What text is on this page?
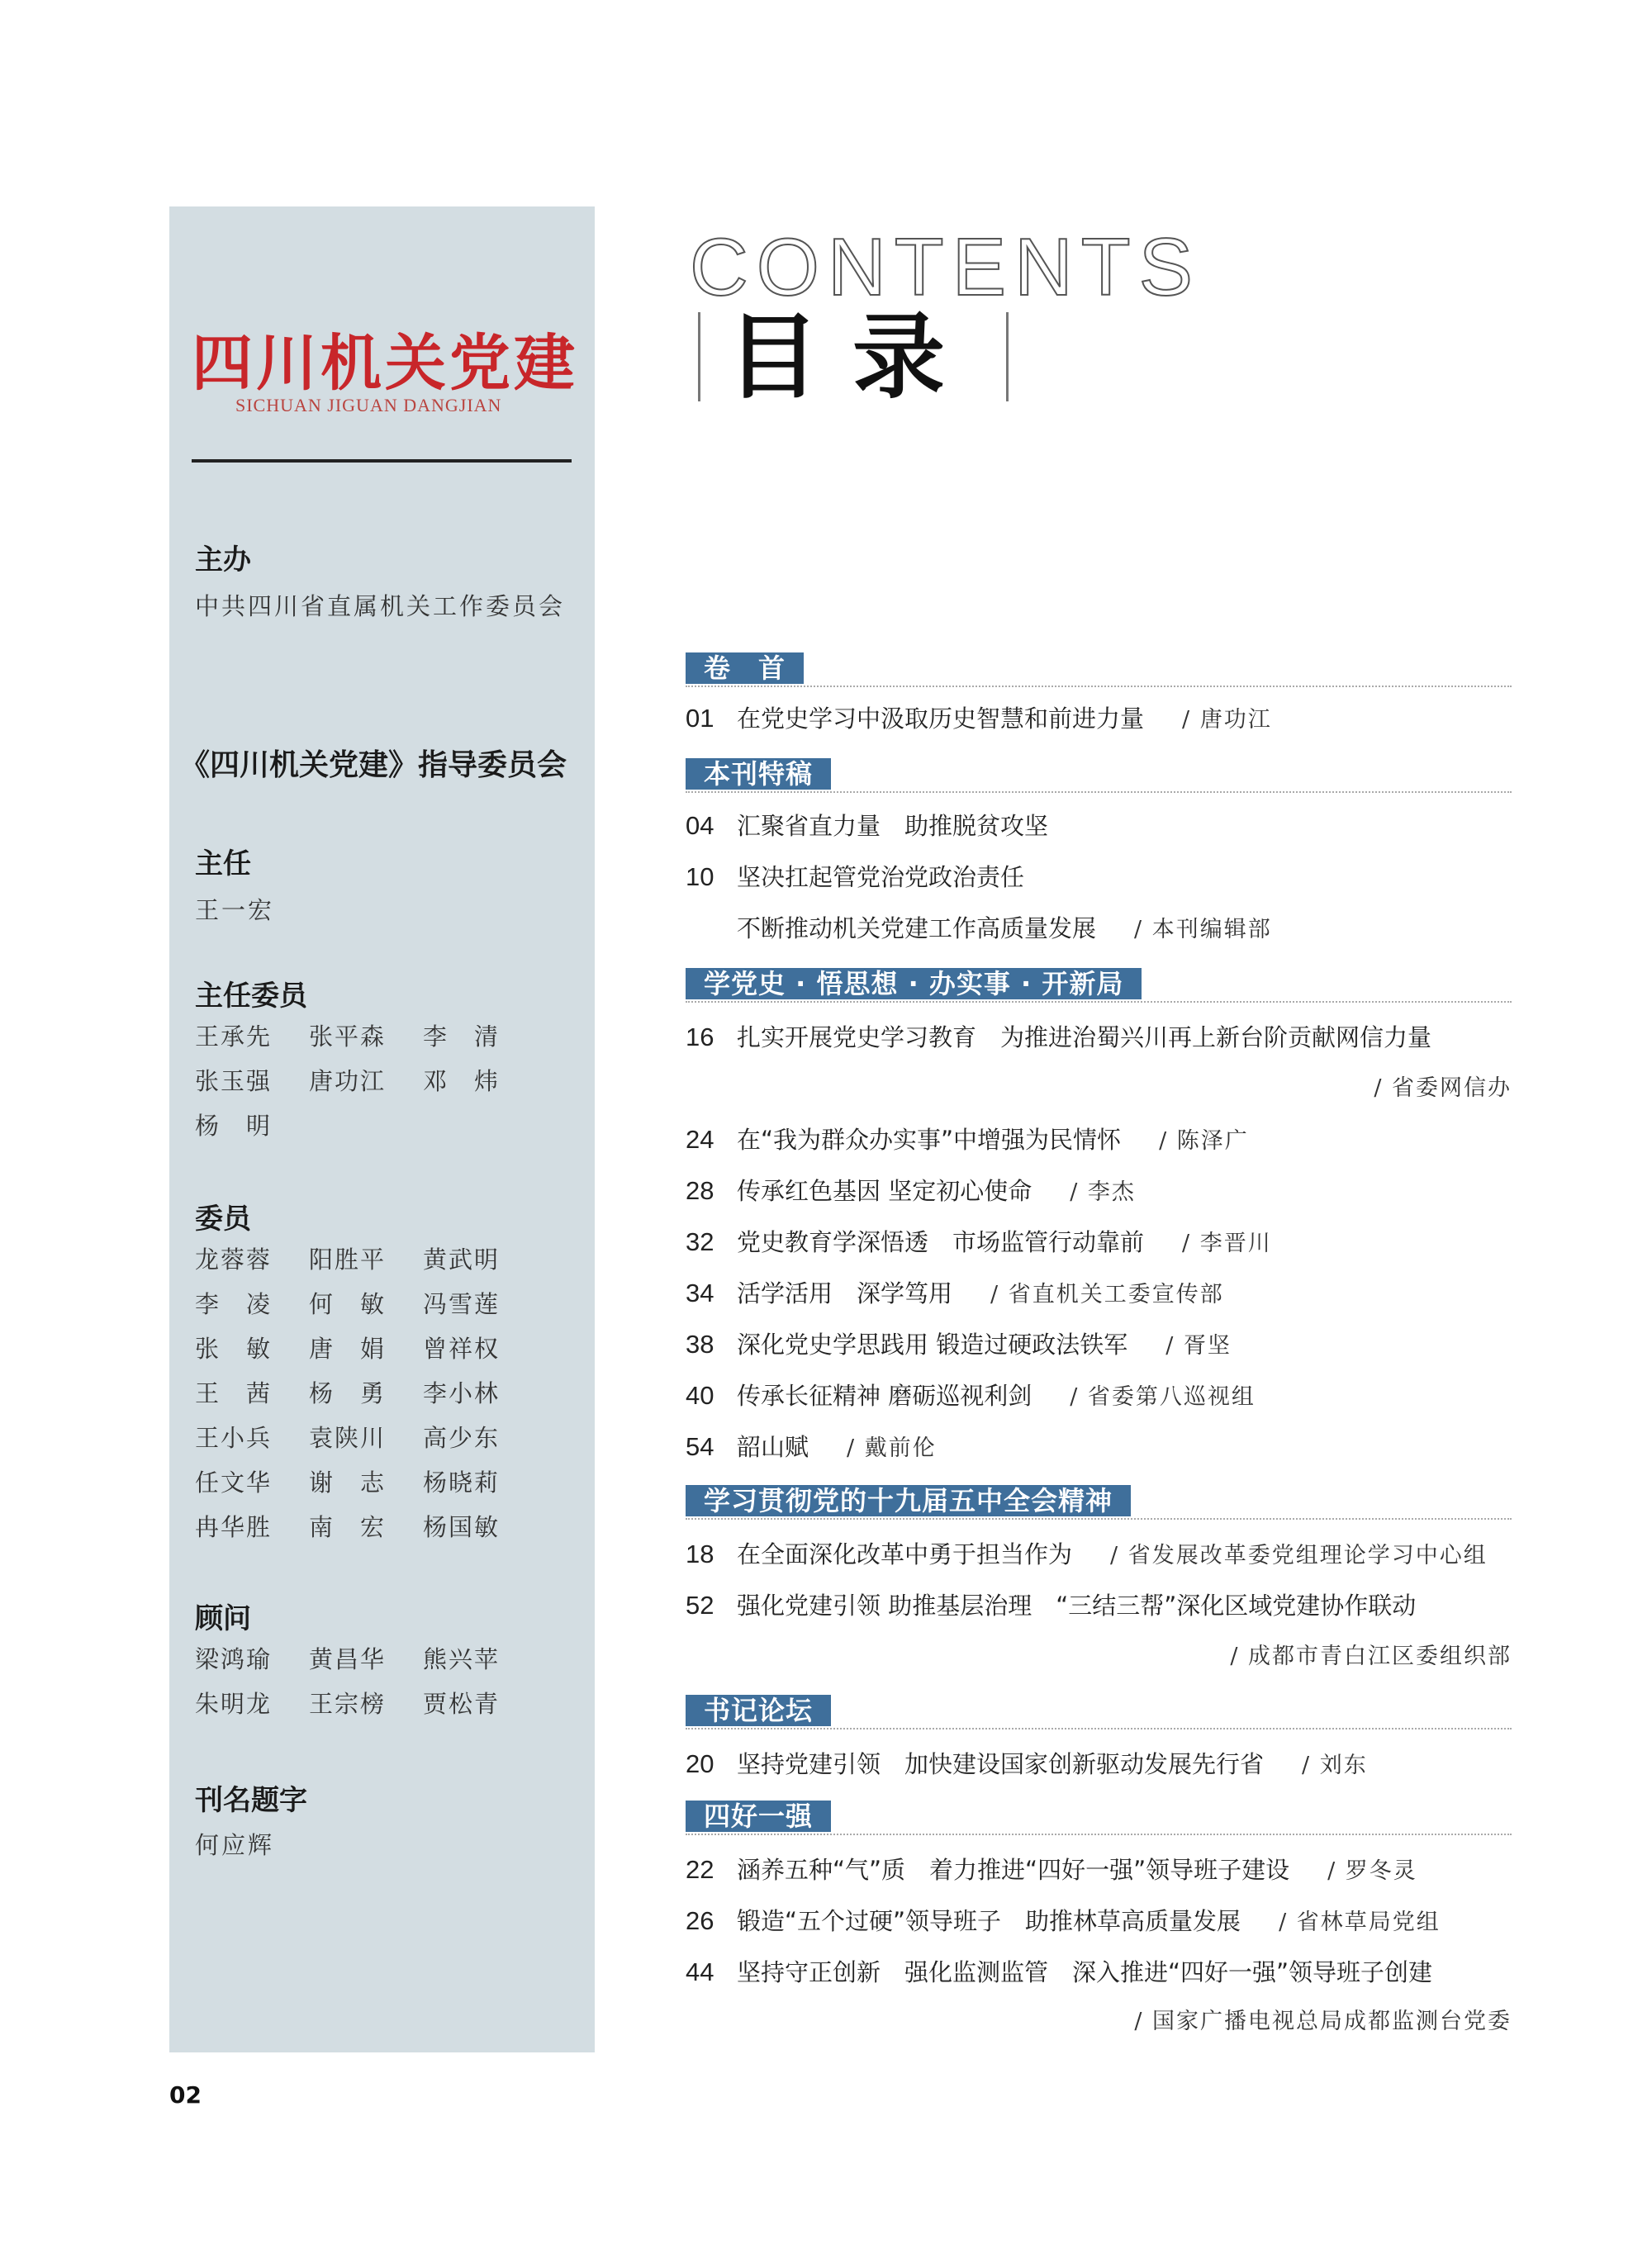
四川机关党建
SICHUAN JIGUAN DANGJIAN
主办
中共四川省直属机关工作委员会
《四川机关党建》指导委员会
主任
王一宏
主任委员
王承先	张平森	李　清
张玉强	唐功江	邓　炜
杨　明
委员
龙蓉蓉	阳胜平	黄武明
李　凌	何　敏	冯雪莲
张　敏	唐　娟	曾祥权
王　茜	杨　勇	李小林
王小兵	袁陕川	高少东
任文华	谢　志	杨晓莉
冉华胜	南　宏	杨国敏
顾问
梁鸿瑜	黄昌华	熊兴苹
朱明龙	王宗榜	贾松青
刊名题字
何应辉
CONTENTS
目录
卷　首
01 在党史学习中汲取历史智慧和前进力量 / 唐功江
本刊特稿
04 汇聚省直力量　助推脱贫攻坚
10 坚决扛起管党治党政治责任
不断推动机关党建工作高质量发展 / 本刊编辑部
学党史 · 悟思想 · 办实事 · 开新局
16 扎实开展党史学习教育　为推进治蜀兴川再上新台阶贡献网信力量
/ 省委网信办
24 在“我为群众办实事”中增强为民情怀 / 陈泽广
28 传承红色基因 坚定初心使命 / 李杰
32 党史教育学深悟透　市场监管行动靠前 / 李晋川
34 活学活用　深学笃用 / 省直机关工委宣传部
38 深化党史学思践用 锻造过硬政法铁军 / 胥坚
40 传承长征精神 磨砺巡视利剑 / 省委第八巡视组
54 韶山赋 / 戴前伦
学习贯彻党的十九届五中全会精神
18 在全面深化改革中勇于担当作为 / 省发展改革委党组理论学习中心组
52 强化党建引领 助推基层治理　“三结三帮”深化区域党建协作联动
/ 成都市青白江区委组织部
书记论坛
20 坚持党建引领　加快建设国家创新驱动发展先行省 / 刘东
四好一强
22 涵养五种“气”质　着力推进“四好一强”领导班子建设 / 罗冬灵
26 锻造“五个过硬”领导班子　助推林草高质量发展 / 省林草局党组
44 坚持守正创新　强化监测监管　深入推进“四好一强”领导班子创建
/ 国家广播电视总局成都监测台党委
02
